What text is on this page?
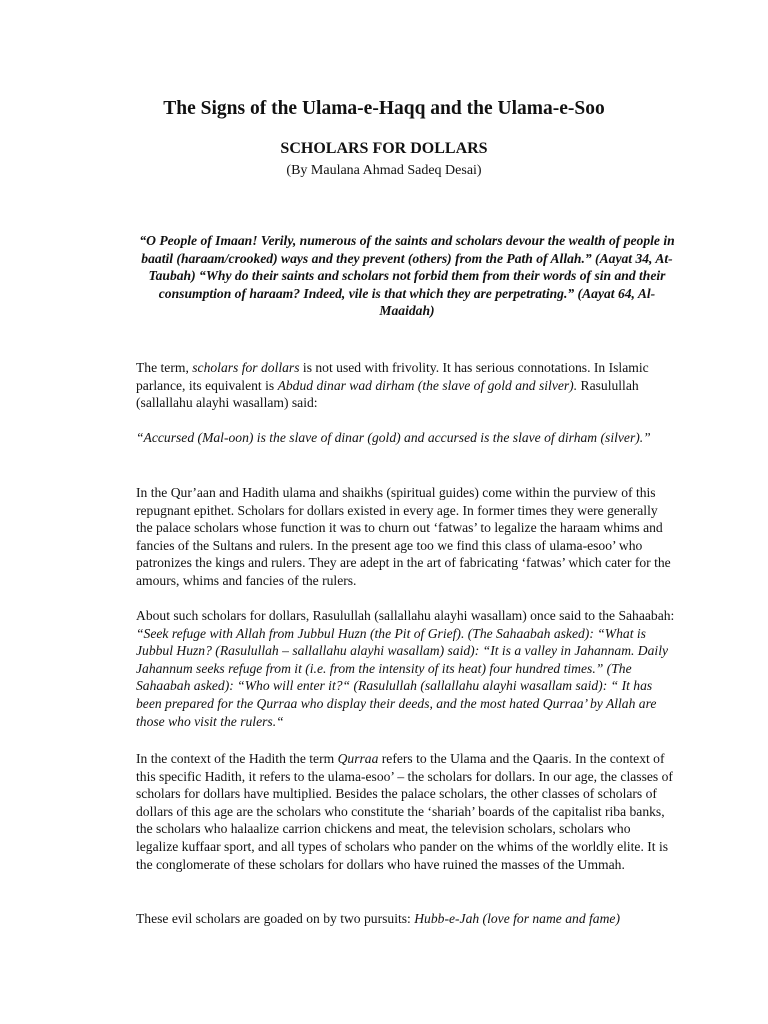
The Signs of the Ulama-e-Haqq and the Ulama-e-Soo
SCHOLARS FOR DOLLARS
(By Maulana Ahmad Sadeq Desai)
“O People of Imaan! Verily, numerous of the saints and scholars devour the wealth of people in baatil (haraam/crooked) ways and they prevent (others) from the Path of Allah.” (Aayat 34, At- Taubah) “Why do their saints and scholars not forbid them from their words of sin and their consumption of haraam? Indeed, vile is that which they are perpetrating.” (Aayat 64, Al-Maaidah)
The term, scholars for dollars is not used with frivolity. It has serious connotations. In Islamic parlance, its equivalent is Abdud dinar wad dirham (the slave of gold and silver). Rasulullah (sallallahu alayhi wasallam) said:
“Accursed (Mal-oon) is the slave of dinar (gold) and accursed is the slave of dirham (silver).”
In the Qur’aan and Hadith ulama and shaikhs (spiritual guides) come within the purview of this repugnant epithet. Scholars for dollars existed in every age. In former times they were generally the palace scholars whose function it was to churn out ‘fatwas’ to legalize the haraam whims and fancies of the Sultans and rulers. In the present age too we find this class of ulama-esoo’ who patronizes the kings and rulers. They are adept in the art of fabricating ‘fatwas’ which cater for the amours, whims and fancies of the rulers.
About such scholars for dollars, Rasulullah (sallallahu alayhi wasallam) once said to the Sahaabah: “Seek refuge with Allah from Jubbul Huzn (the Pit of Grief). (The Sahaabah asked): “What is Jubbul Huzn? (Rasulullah – sallallahu alayhi wasallam) said): “It is a valley in Jahannam. Daily Jahannum seeks refuge from it (i.e. from the intensity of its heat) four hundred times.” (The Sahaabah asked): “Who will enter it?“ (Rasulullah (sallallahu alayhi wasallam said): “ It has been prepared for the Qurraa who display their deeds, and the most hated Qurraa’ by Allah are those who visit the rulers.“
In the context of the Hadith the term Qurraa refers to the Ulama and the Qaaris. In the context of this specific Hadith, it refers to the ulama-esoo’ – the scholars for dollars. In our age, the classes of scholars for dollars have multiplied. Besides the palace scholars, the other classes of scholars of dollars of this age are the scholars who constitute the ‘shariah’ boards of the capitalist riba banks, the scholars who halaalize carrion chickens and meat, the television scholars, scholars who legalize kuffaar sport, and all types of scholars who pander on the whims of the worldly elite. It is the conglomerate of these scholars for dollars who have ruined the masses of the Ummah.
These evil scholars are goaded on by two pursuits: Hubb-e-Jah (love for name and fame)
